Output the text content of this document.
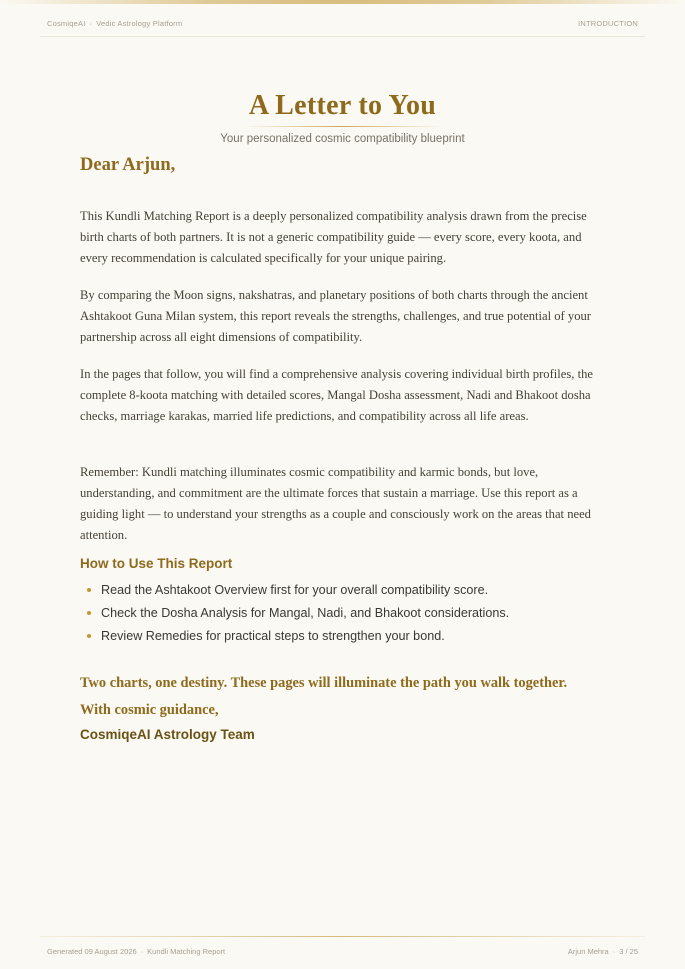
CosmiqeAI · Vedic Astrology Platform	INTRODUCTION
A Letter to You
Your personalized cosmic compatibility blueprint
Dear Arjun,

This Kundli Matching Report is a deeply personalized compatibility analysis drawn from the precise birth charts of both partners. It is not a generic compatibility guide — every score, every koota, and every recommendation is calculated specifically for your unique pairing.

By comparing the Moon signs, nakshatras, and planetary positions of both charts through the ancient Ashtakoot Guna Milan system, this report reveals the strengths, challenges, and true potential of your partnership across all eight dimensions of compatibility.

In the pages that follow, you will find a comprehensive analysis covering individual birth profiles, the complete 8-koota matching with detailed scores, Mangal Dosha assessment, Nadi and Bhakoot dosha checks, marriage karakas, married life predictions, and compatibility across all life areas.

Remember: Kundli matching illuminates cosmic compatibility and karmic bonds, but love, understanding, and commitment are the ultimate forces that sustain a marriage. Use this report as a guiding light — to understand your strengths as a couple and consciously work on the areas that need attention.

How to Use This Report
Read the Ashtakoot Overview first for your overall compatibility score.
Check the Dosha Analysis for Mangal, Nadi, and Bhakoot considerations.
Review Remedies for practical steps to strengthen your bond.
Two charts, one destiny. These pages will illuminate the path you walk together.
With cosmic guidance,
CosmiqeAI Astrology Team
Generated 09 August 2026 · Kundli Matching Report	Arjun Mehra · 3 / 25
